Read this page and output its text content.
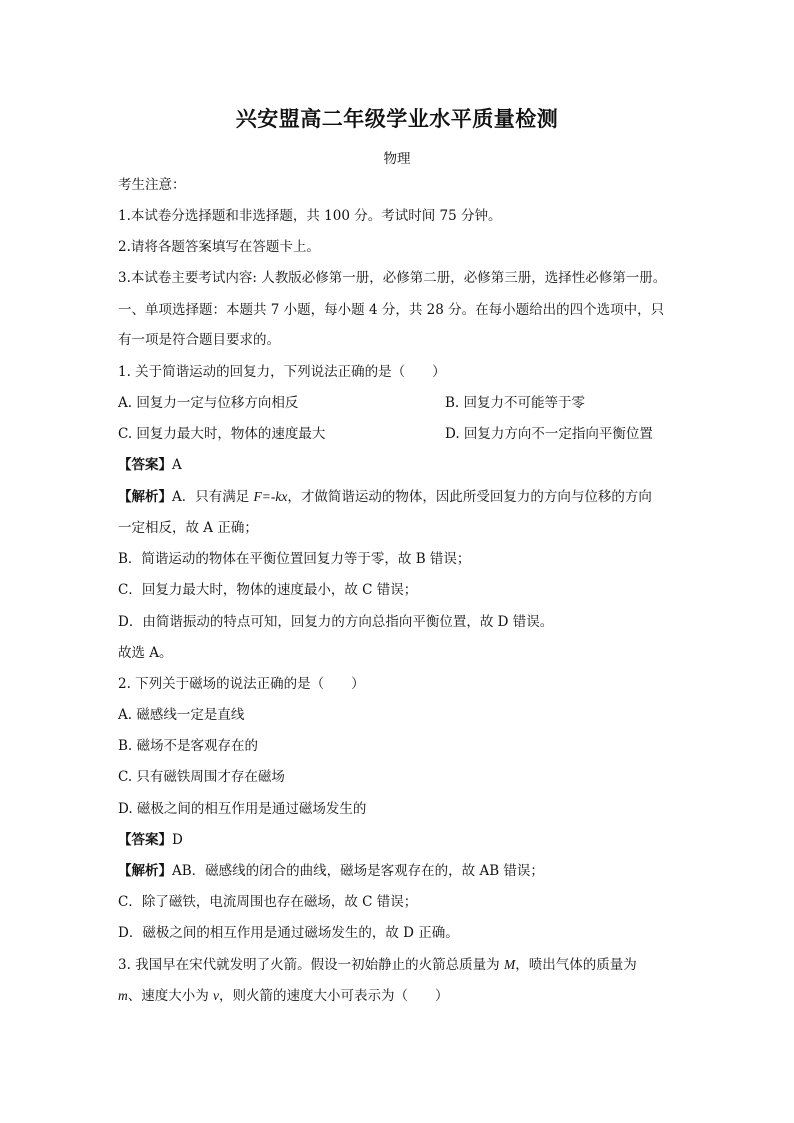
兴安盟高二年级学业水平质量检测
物理
考生注意：
1.本试卷分选择题和非选择题，共 100 分。考试时间 75 分钟。
2.请将各题答案填写在答题卡上。
3.本试卷主要考试内容: 人教版必修第一册，必修第二册，必修第三册，选择性必修第一册。
一、单项选择题：本题共 7 小题，每小题 4 分，共 28 分。在每小题给出的四个选项中，只
有一项是符合题目要求的。
1. 关于简谐运动的回复力，下列说法正确的是（　　）
A. 回复力一定与位移方向相反	B. 回复力不可能等于零
C. 回复力最大时，物体的速度最大	D. 回复力方向不一定指向平衡位置
【答案】A
【解析】A．只有满足 F=-kx，才做简谐运动的物体，因此所受回复力的方向与位移的方向
一定相反，故 A 正确；
B．简谐运动的物体在平衡位置回复力等于零，故 B 错误；
C．回复力最大时，物体的速度最小，故 C 错误；
D．由简谐振动的特点可知，回复力的方向总指向平衡位置，故 D 错误。
故选 A。
2. 下列关于磁场的说法正确的是（　　）
A. 磁感线一定是直线
B. 磁场不是客观存在的
C. 只有磁铁周围才存在磁场
D. 磁极之间的相互作用是通过磁场发生的
【答案】D
【解析】AB．磁感线的闭合的曲线，磁场是客观存在的，故 AB 错误；
C．除了磁铁，电流周围也存在磁场，故 C 错误；
D．磁极之间的相互作用是通过磁场发生的，故 D 正确。
3. 我国早在宋代就发明了火箭。假设一初始静止的火箭总质量为 M，喷出气体的质量为
m、速度大小为 v，则火箭的速度大小可表示为（　　）
